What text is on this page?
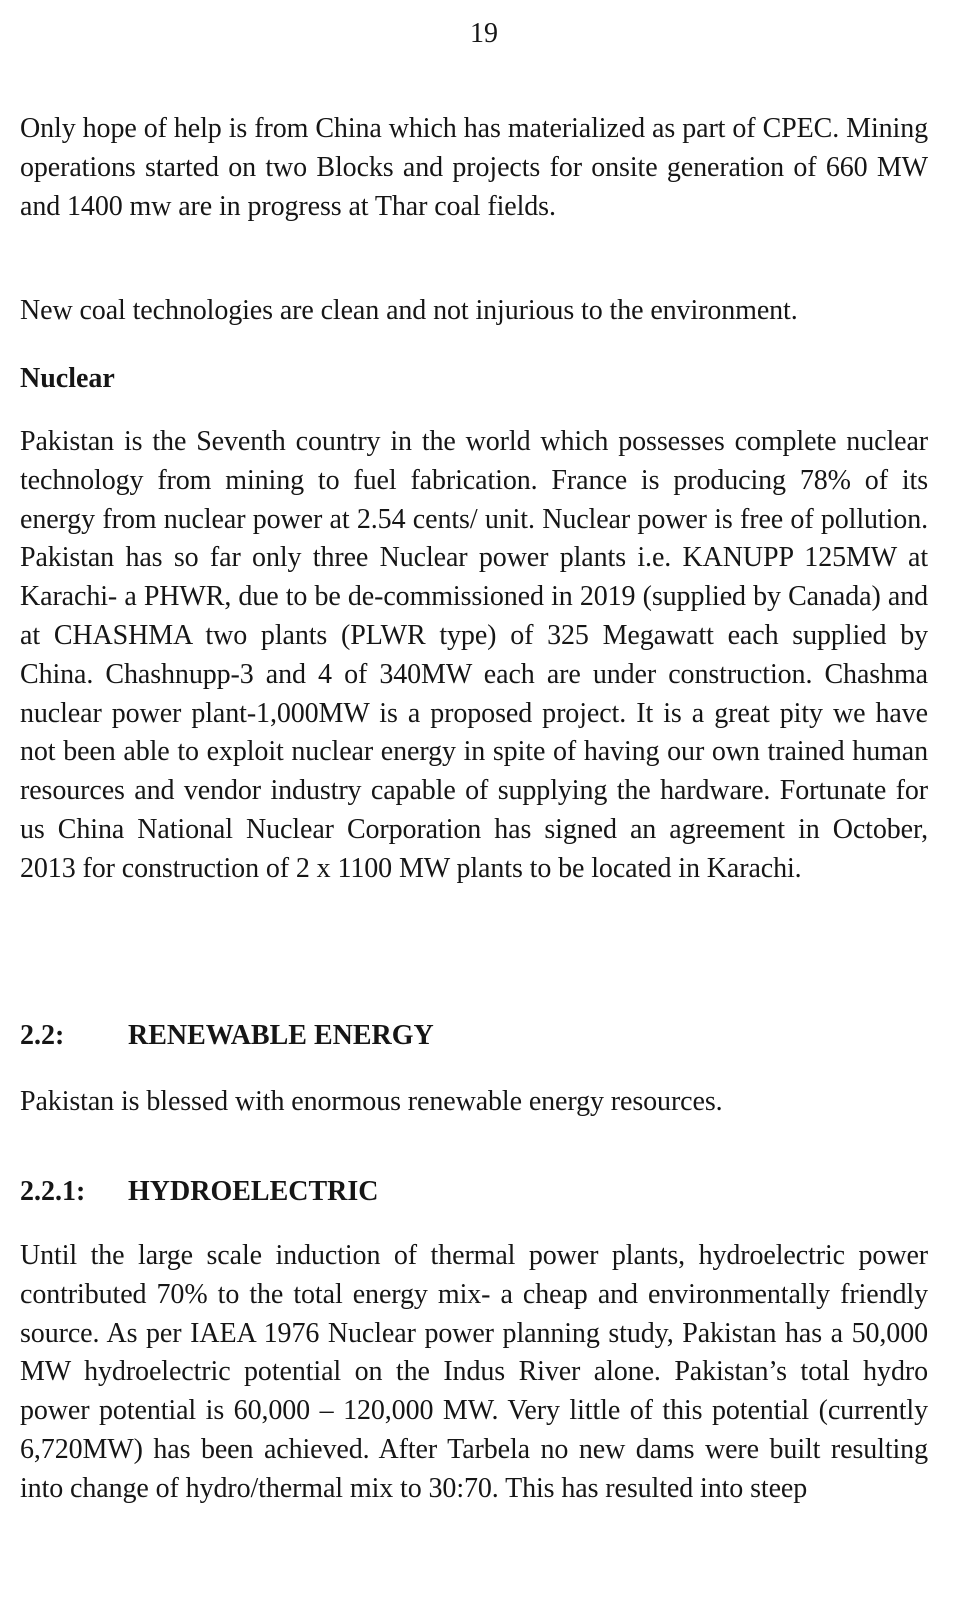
19

Only hope of help is from China which has materialized as part of CPEC. Mining operations started on two Blocks and projects for onsite generation of 660 MW and 1400 mw are in progress at Thar coal fields.

New coal technologies are clean and not injurious to the environment.

Nuclear

Pakistan is the Seventh country in the world which possesses complete nuclear technology from mining to fuel fabrication. France is producing 78% of its energy from nuclear power at 2.54 cents/ unit. Nuclear power is free of pollution. Pakistan has so far only three Nuclear power plants i.e. KANUPP 125MW at Karachi- a PHWR, due to be de-commissioned in 2019 (supplied by Canada) and at CHASHMA two plants (PLWR type) of 325 Megawatt each supplied by China. Chashnupp-3 and 4 of 340MW each are under construction. Chashma nuclear power plant-1,000MW is a proposed project. It is a great pity we have not been able to exploit nuclear energy in spite of having our own trained human resources and vendor industry capable of supplying the hardware. Fortunate for us China National Nuclear Corporation has signed an agreement in October, 2013 for construction of 2 x 1100 MW plants to be located in Karachi.

2.2:	RENEWABLE ENERGY

Pakistan is blessed with enormous renewable energy resources.

2.2.1:	HYDROELECTRIC

Until the large scale induction of thermal power plants, hydroelectric power contributed 70% to the total energy mix- a cheap and environmentally friendly source. As per IAEA 1976 Nuclear power planning study, Pakistan has a 50,000 MW hydroelectric potential on the Indus River alone. Pakistan’s total hydro power potential is 60,000 – 120,000 MW. Very little of this potential (currently 6,720MW) has been achieved. After Tarbela no new dams were built resulting into change of hydro/thermal mix to 30:70. This has resulted into steep
